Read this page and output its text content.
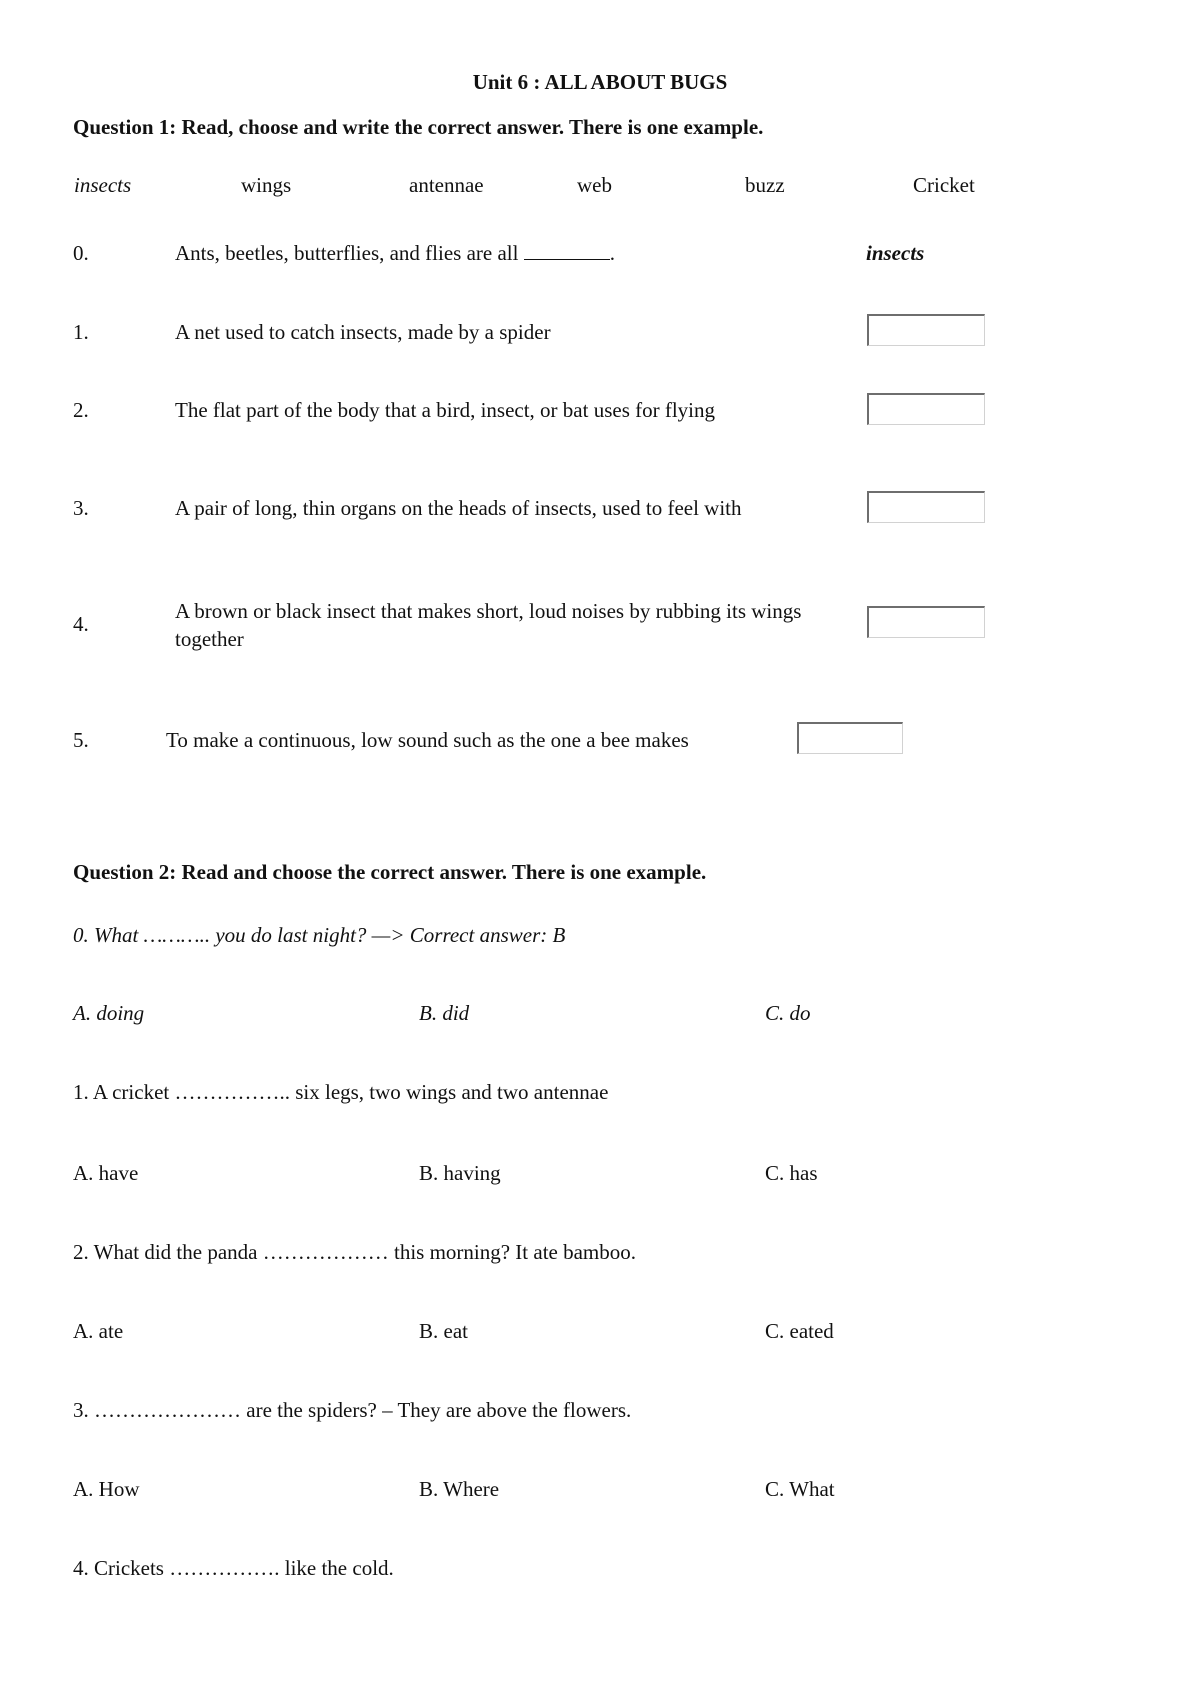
Unit 6 : ALL ABOUT BUGS
Question 1: Read, choose and write the correct answer. There is one example.
insects	wings	antennae	web	buzz	Cricket
0.	Ants, beetles, butterflies, and flies are all	.	insects
1.	A net used to catch insects, made by a spider
2.	The flat part of the body that a bird, insect, or bat uses for flying
3.	A pair of long, thin organs on the heads of insects, used to feel with
4.
A brown or black insect that makes short, loud noises by rubbing its wings together
5.	To make a continuous, low sound such as the one a bee makes
Question 2: Read and choose the correct answer. There is one example.
0. What ……….. you do last night? —> Correct answer: B
A. doing	B. did	C. do
1. A cricket …………….. six legs, two wings and two antennae
A. have	B. having	C. has
2. What did the panda ……………… this morning? It ate bamboo.
A. ate	B. eat	C. eated
3. ………………… are the spiders? – They are above the flowers.
A. How	B. Where	C. What
4. Crickets ……………. like the cold.
